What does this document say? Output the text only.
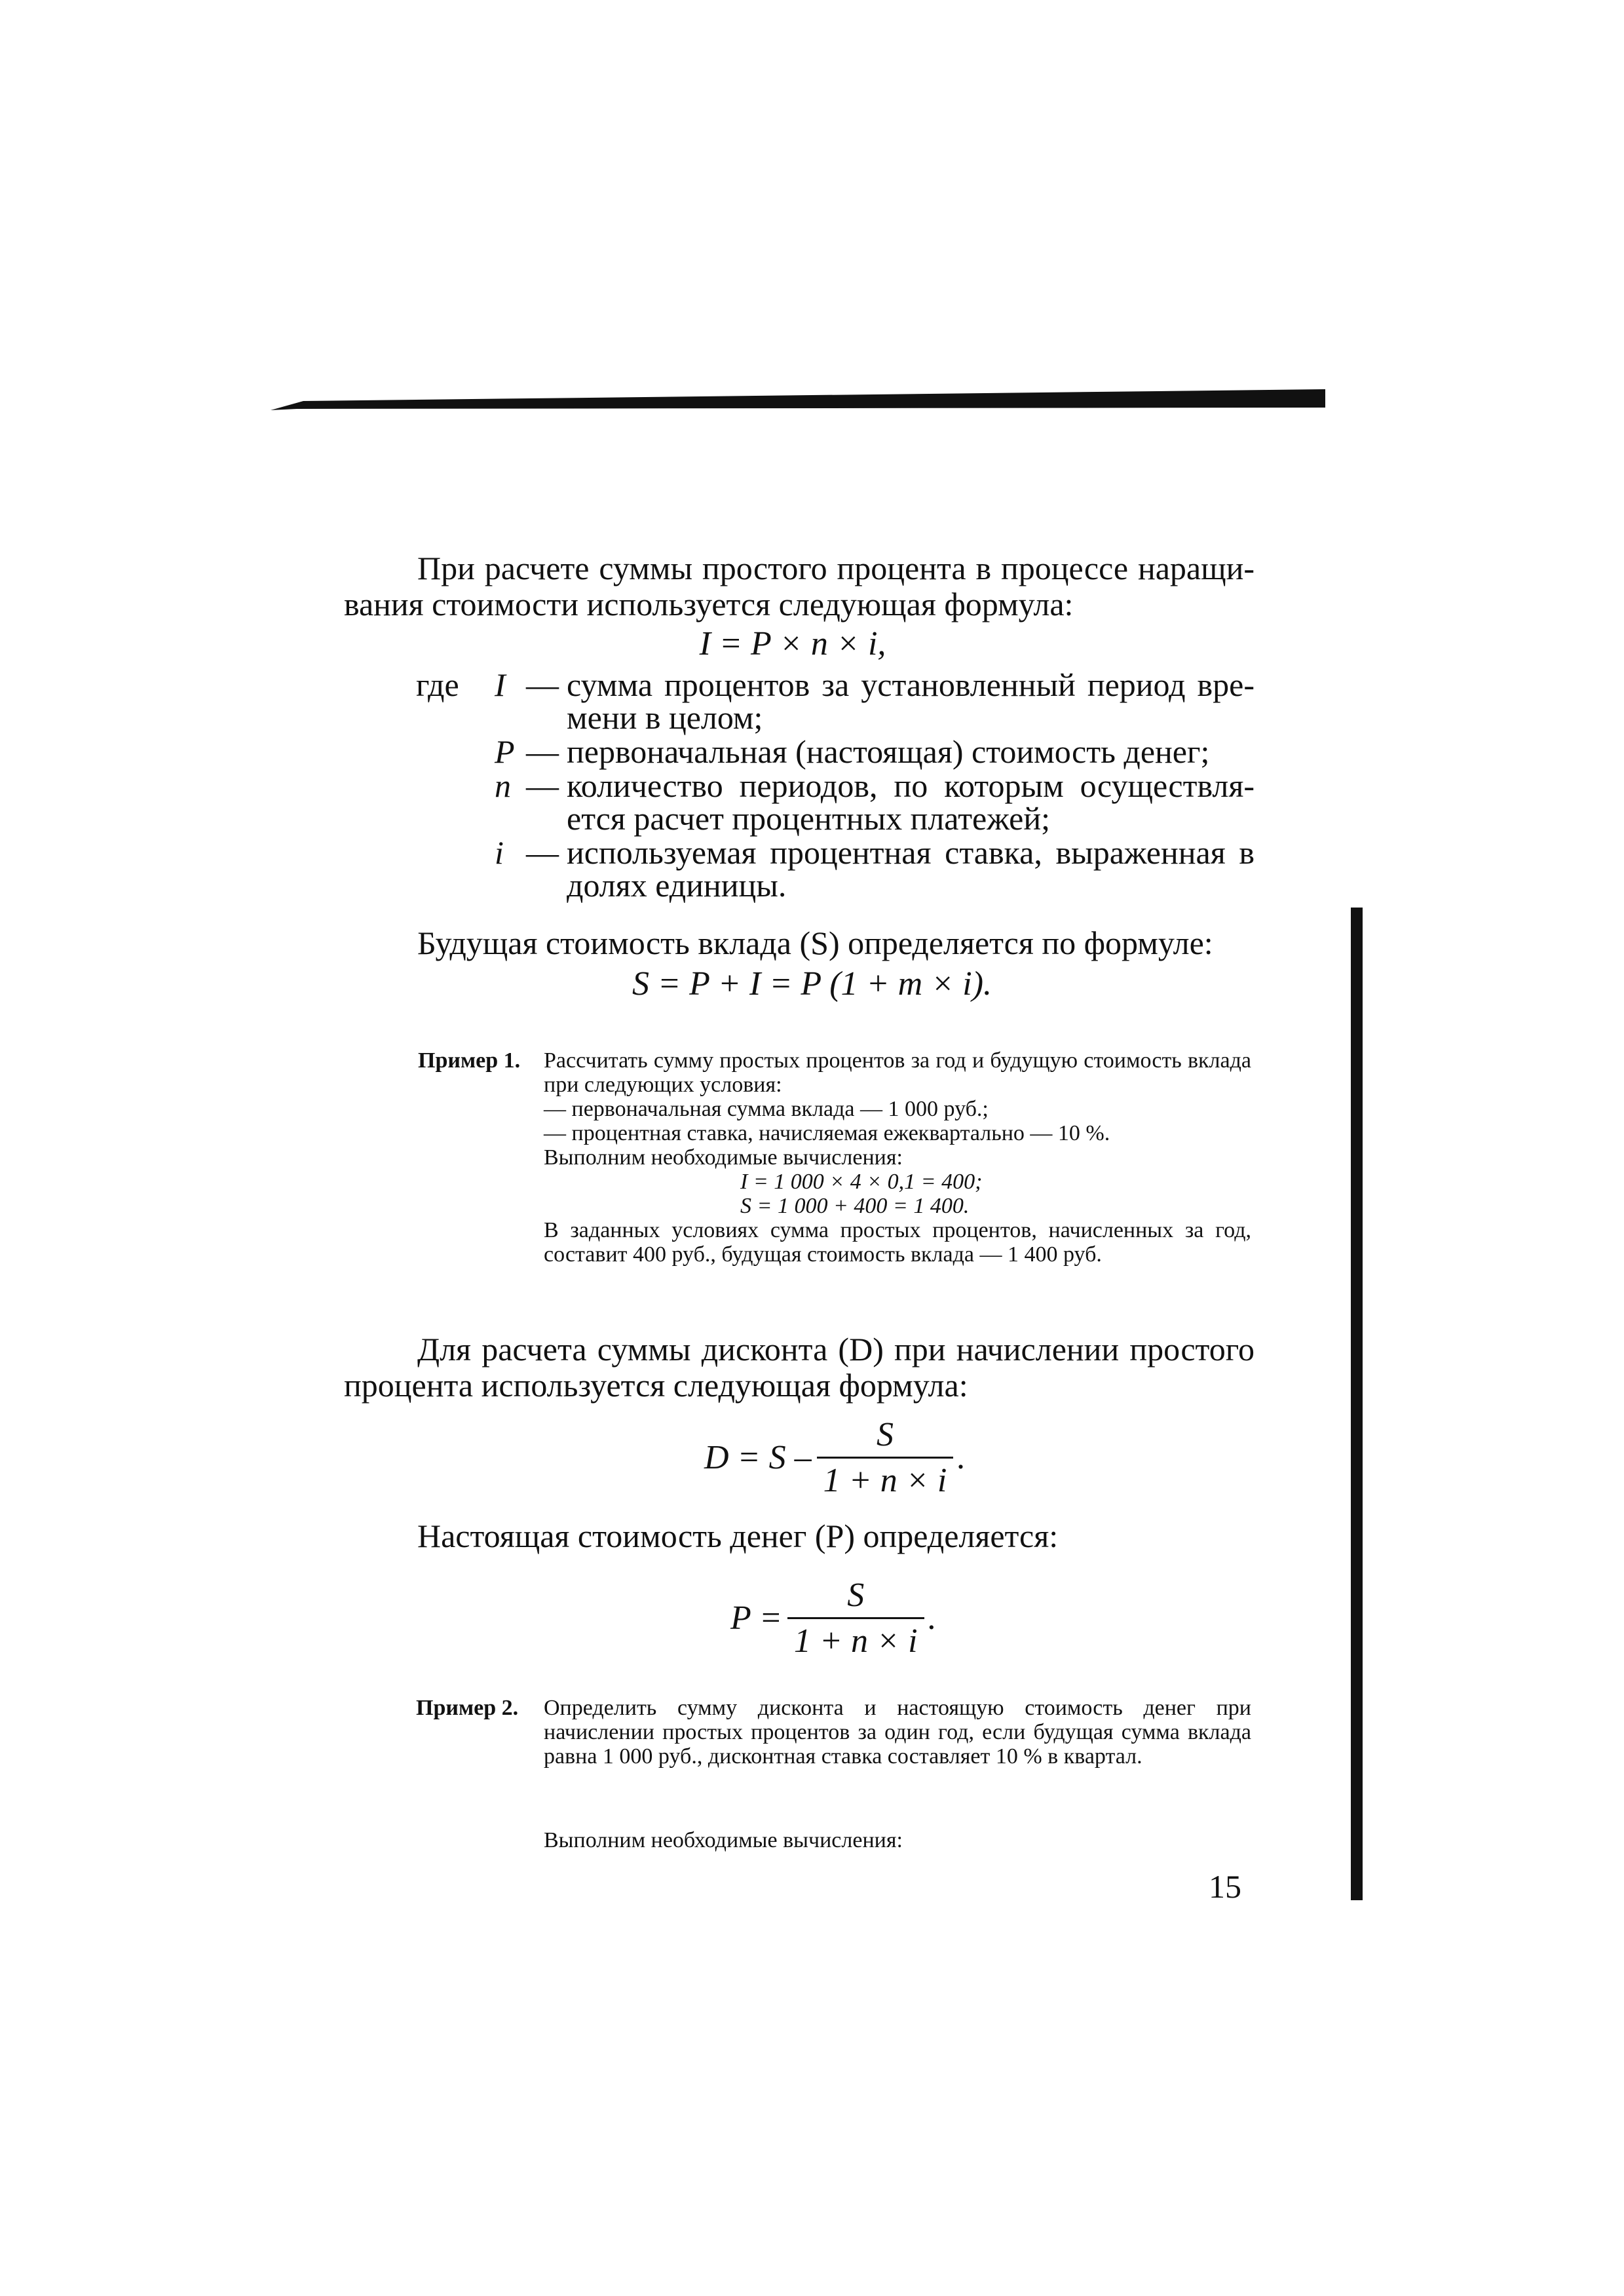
При расчете суммы простого процента в процессе наращи-

вания стоимости используется следующая формула:

I = P × n × i,
где	I — сумма процентов за установленный период вре- мени в целом;
P — первоначальная (настоящая) стоимость денег;
n — количество периодов, по которым осуществля- ется расчет процентных платежей;
i — используемая процентная ставка, выраженная в долях единицы.
Будущая стоимость вклада (S) определяется по формуле:
S = P + I = P (1 + m × i).
Пример 1. Рассчитать сумму простых процентов за год и будущую стоимость вклада при следующих условия:

— первоначальная сумма вклада — 1 000 руб.;

— процентная ставка, начисляемая ежеквартально — 10 %.

Выполним необходимые вычисления:

I = 1 000 × 4 × 0,1 = 400;
S = 1 000 + 400 = 1 400.

В заданных условиях сумма простых процентов, начисленных за год, составит 400 руб., будущая стоимость вклада — 1 400 руб.

Для расчета суммы дисконта (D) при начислении простого

процента используется следующая формула:

$D = S - \frac{S}{1 + n \times i}$ .
Настоящая стоимость денег (P) определяется:
$P = \frac{S}{1 + n \times i}$ .
Пример 2. Определить сумму дисконта и настоящую стоимость денег при начислении простых процентов за один год, если будущая сумма вклада равна 1 000 руб., дисконтная ставка составляет 10 % в квартал.

Выполним необходимые вычисления:
15
